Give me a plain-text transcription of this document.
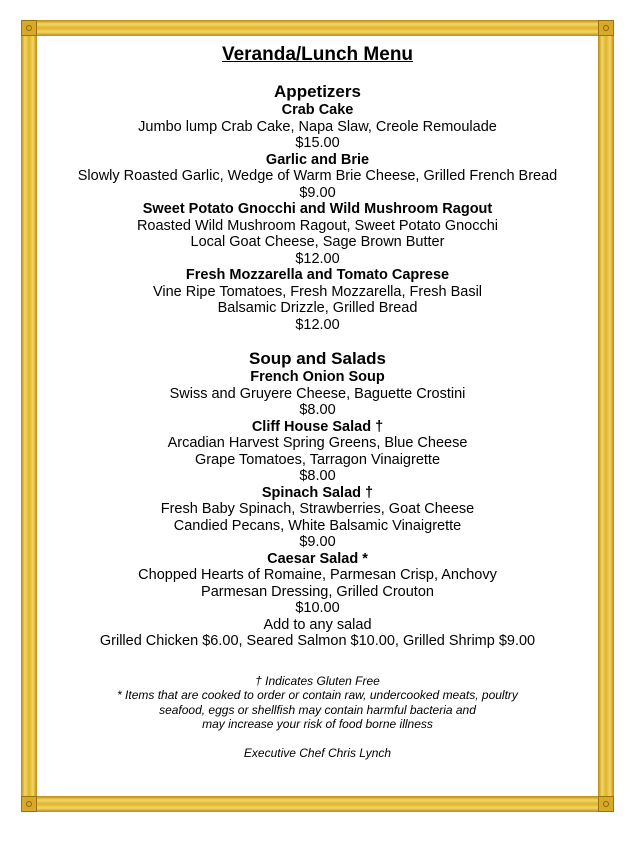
Veranda/Lunch Menu
Appetizers
Crab Cake
Jumbo lump Crab Cake, Napa Slaw, Creole Remoulade
$15.00
Garlic and Brie
Slowly Roasted Garlic, Wedge of Warm Brie Cheese, Grilled French Bread
$9.00
Sweet Potato Gnocchi and Wild Mushroom Ragout
Roasted Wild Mushroom Ragout, Sweet Potato Gnocchi
Local Goat Cheese, Sage Brown Butter
$12.00
Fresh Mozzarella and Tomato Caprese
Vine Ripe Tomatoes, Fresh Mozzarella, Fresh Basil
Balsamic Drizzle, Grilled Bread
$12.00
Soup and Salads
French Onion Soup
Swiss and Gruyere Cheese, Baguette Crostini
$8.00
Cliff House Salad †
Arcadian Harvest Spring Greens, Blue Cheese
Grape Tomatoes, Tarragon Vinaigrette
$8.00
Spinach Salad †
Fresh Baby Spinach, Strawberries, Goat Cheese
Candied Pecans, White Balsamic Vinaigrette
$9.00
Caesar Salad *
Chopped Hearts of Romaine, Parmesan Crisp, Anchovy
Parmesan Dressing, Grilled Crouton
$10.00
Add to any salad
Grilled Chicken $6.00, Seared Salmon $10.00, Grilled Shrimp $9.00
† Indicates Gluten Free
* Items that are cooked to order or contain raw, undercooked meats, poultry
seafood, eggs or shellfish may contain harmful bacteria and
may increase your risk of food borne illness
Executive Chef Chris Lynch
